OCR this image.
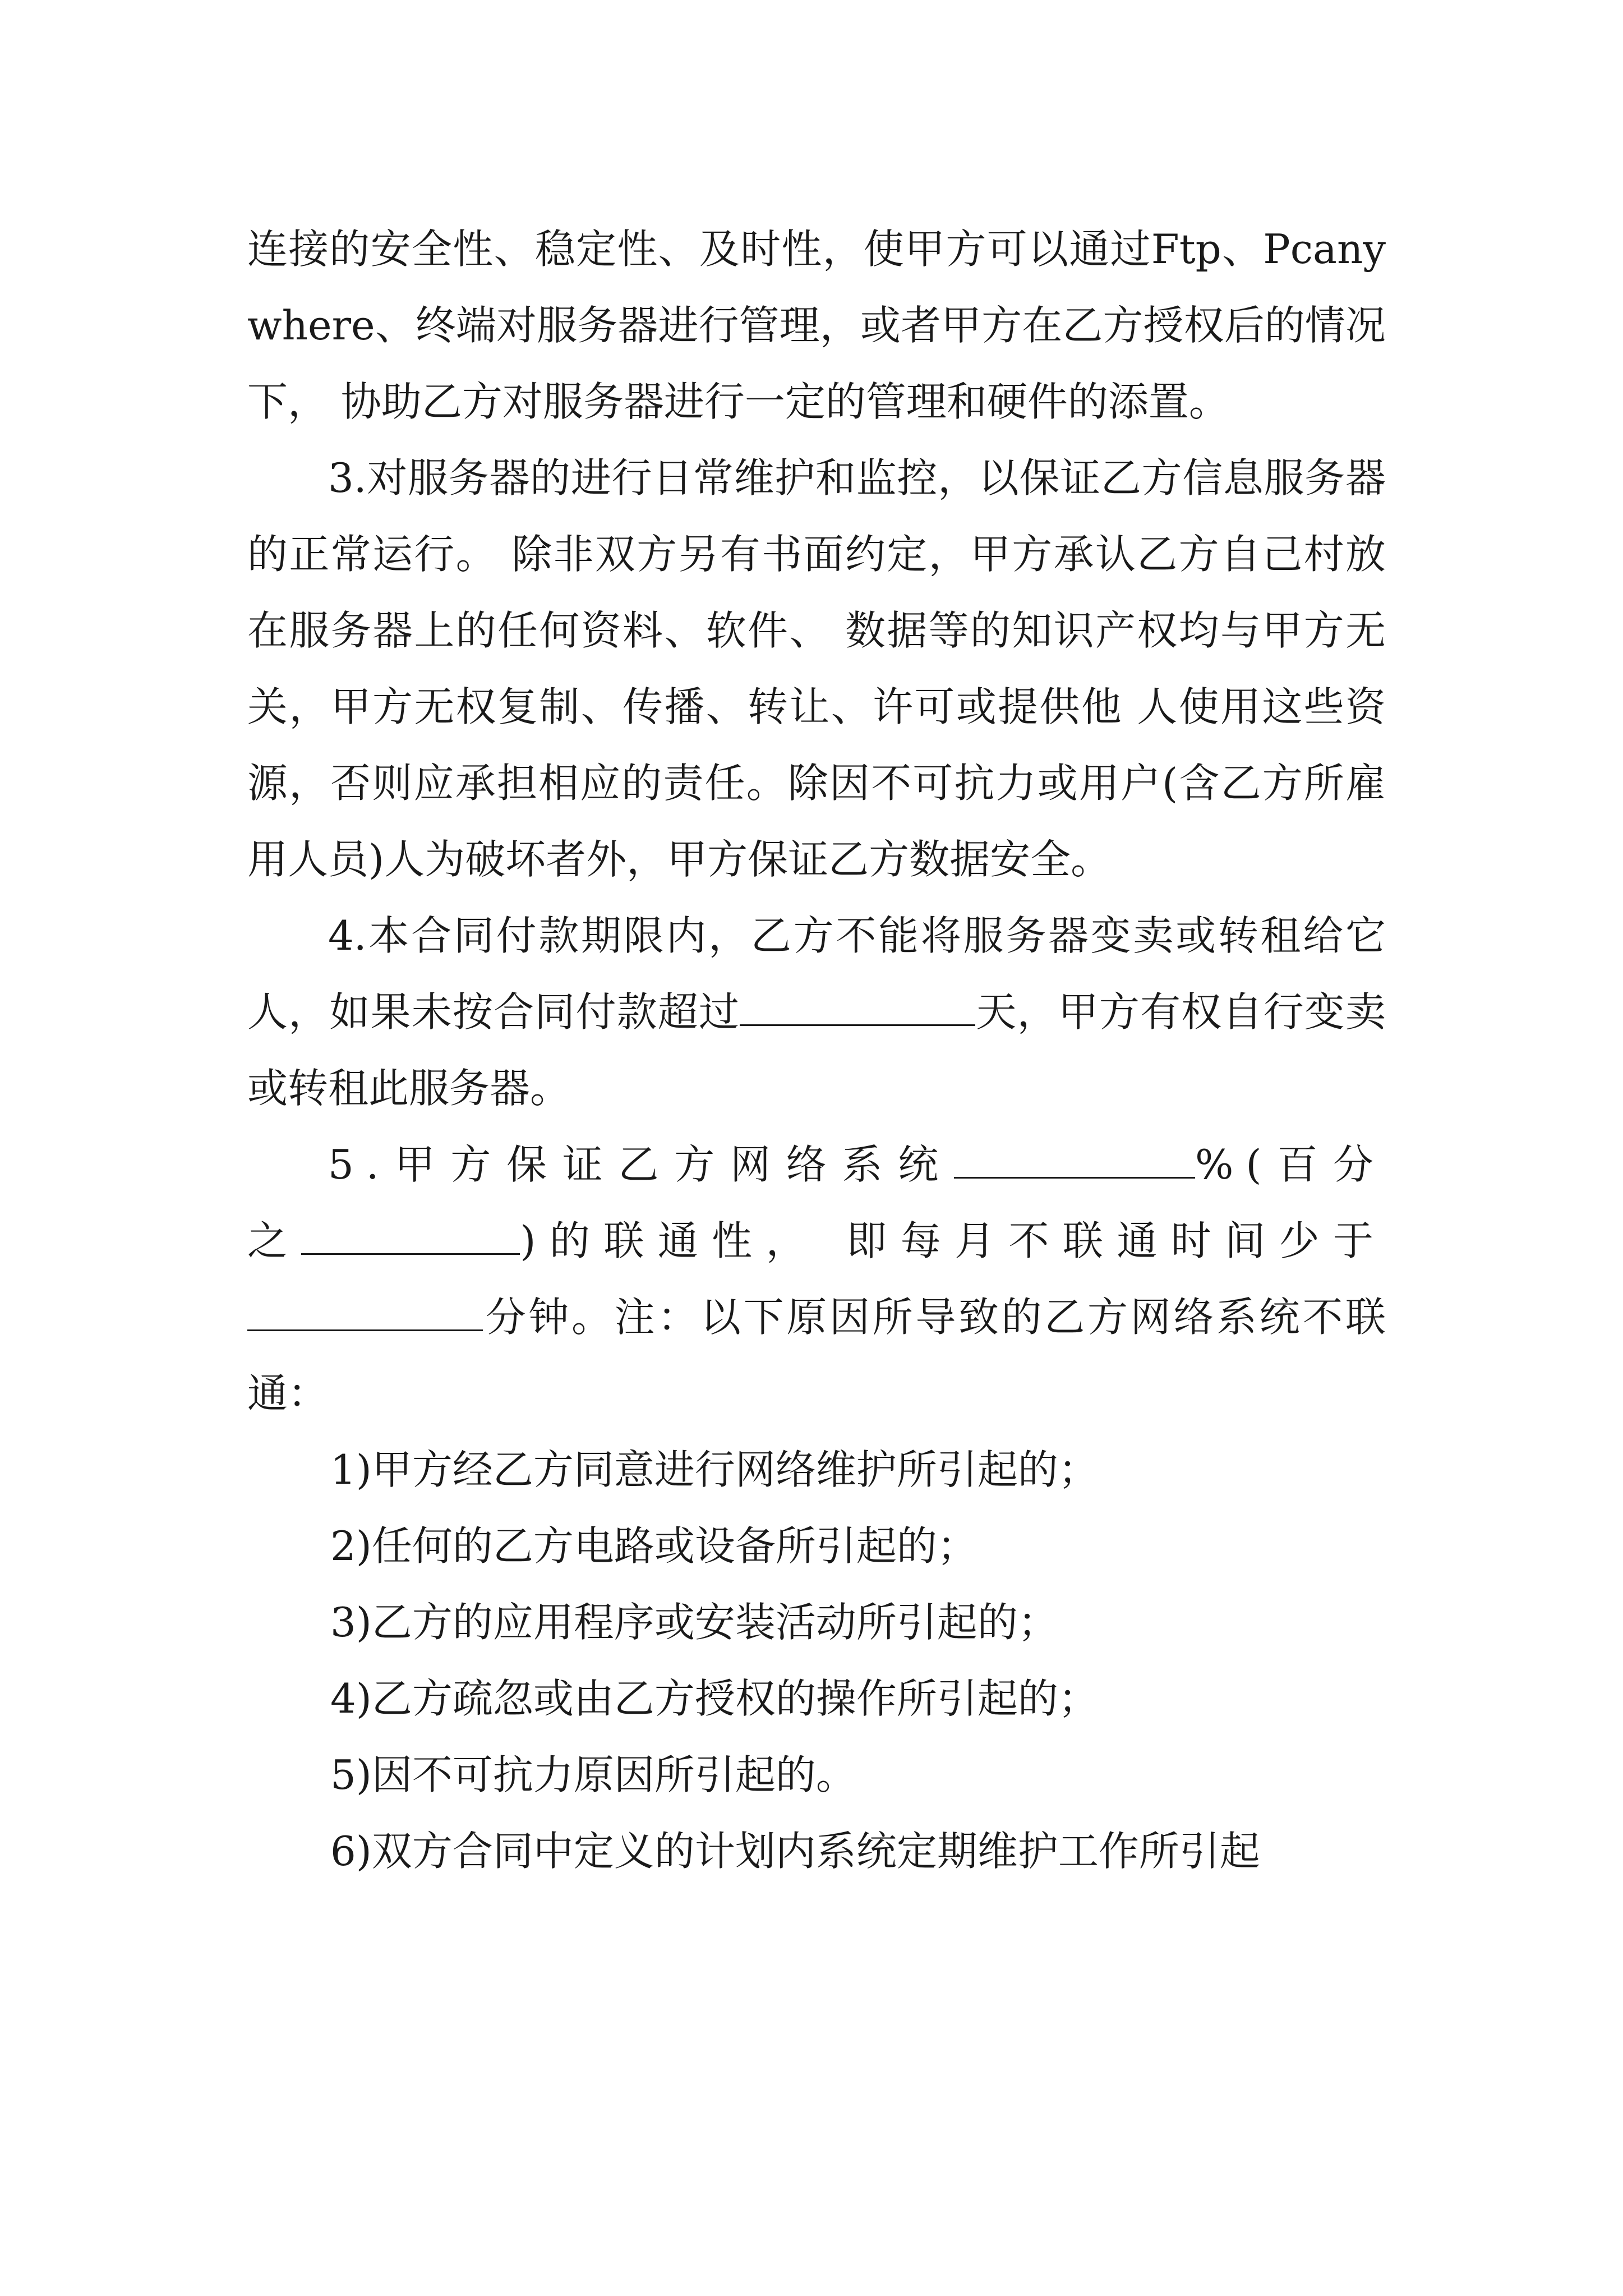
连接的安全性、稳定性、及时性，使甲方可以通过Ftp、Pcanywhere、终端对服务器进行管理，或者甲方在乙方授权后的情况下， 协助乙方对服务器进行一定的管理和硬件的添置。

3.对服务器的进行日常维护和监控，以保证乙方信息服务器的正常运行。 除非双方另有书面约定，甲方承认乙方自己村放在服务器上的任何资料、软件、 数据等的知识产权均与甲方无关，甲方无权复制、传播、转让、许可或提供他 人使用这些资源，否则应承担相应的责任。除因不可抗力或用户(含乙方所雇用人员)人为破坏者外，甲方保证乙方数据安全。

4.本合同付款期限内，乙方不能将服务器变卖或转租给它人，如果未按合同付款超过	天，甲方有权自行变卖或转租此服务器。

5.甲方保证乙方网络系统	%(百分之	)的联通性， 即每月不联通时间少于分钟。注：以下原因所导致的乙方网络系统不联通：

1)甲方经乙方同意进行网络维护所引起的；

2)任何的乙方电路或设备所引起的；

3)乙方的应用程序或安装活动所引起的；

4)乙方疏忽或由乙方授权的操作所引起的；

5)因不可抗力原因所引起的。

6)双方合同中定义的计划内系统定期维护工作所引起
